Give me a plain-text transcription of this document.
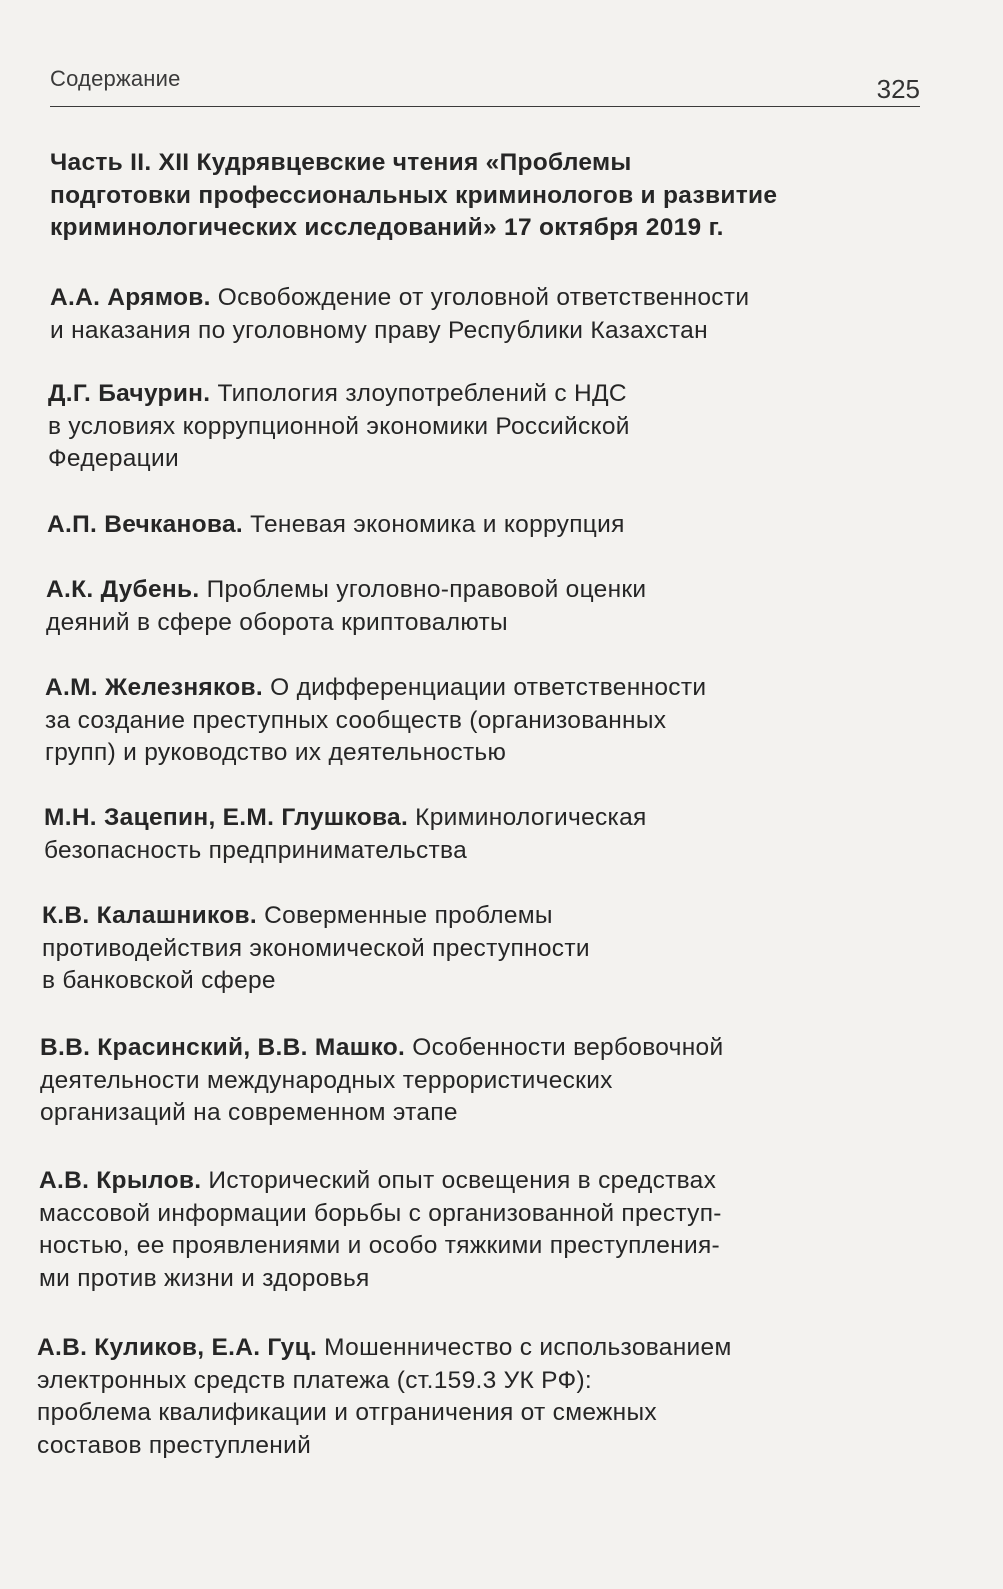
Содержание	325
Часть II. XII Кудрявцевские чтения «Проблемы
подготовки профессиональных криминологов и развитие
криминологических исследований» 17 октября 2019 г.
А.А. Арямов. Освобождение от уголовной ответственности
и наказания по уголовному праву Республики Казахстан
Д.Г. Бачурин. Типология злоупотреблений с НДС
в условиях коррупционной экономики Российской
Федерации
А.П. Вечканова. Теневая экономика и коррупция
А.К. Дубень. Проблемы уголовно-правовой оценки
деяний в сфере оборота криптовалюты
А.М. Железняков. О дифференциации ответственности
за создание преступных сообществ (организованных
групп) и руководство их деятельностью
М.Н. Зацепин, Е.М. Глушкова. Криминологическая
безопасность предпринимательства
К.В. Калашников. Соверменные проблемы
противодействия экономической преступности
в банковской сфере
В.В. Красинский, В.В. Машко. Особенности вербовочной
деятельности международных террористических
организаций на современном этапе
А.В. Крылов. Исторический опыт освещения в средствах
массовой информации борьбы с организованной преступ-
ностью, ее проявлениями и особо тяжкими преступления-
ми против жизни и здоровья
А.В. Куликов, Е.А. Гуц. Мошенничество с использованием
электронных средств платежа (ст.159.3 УК РФ):
проблема квалификации и отграничения от смежных
составов преступлений
